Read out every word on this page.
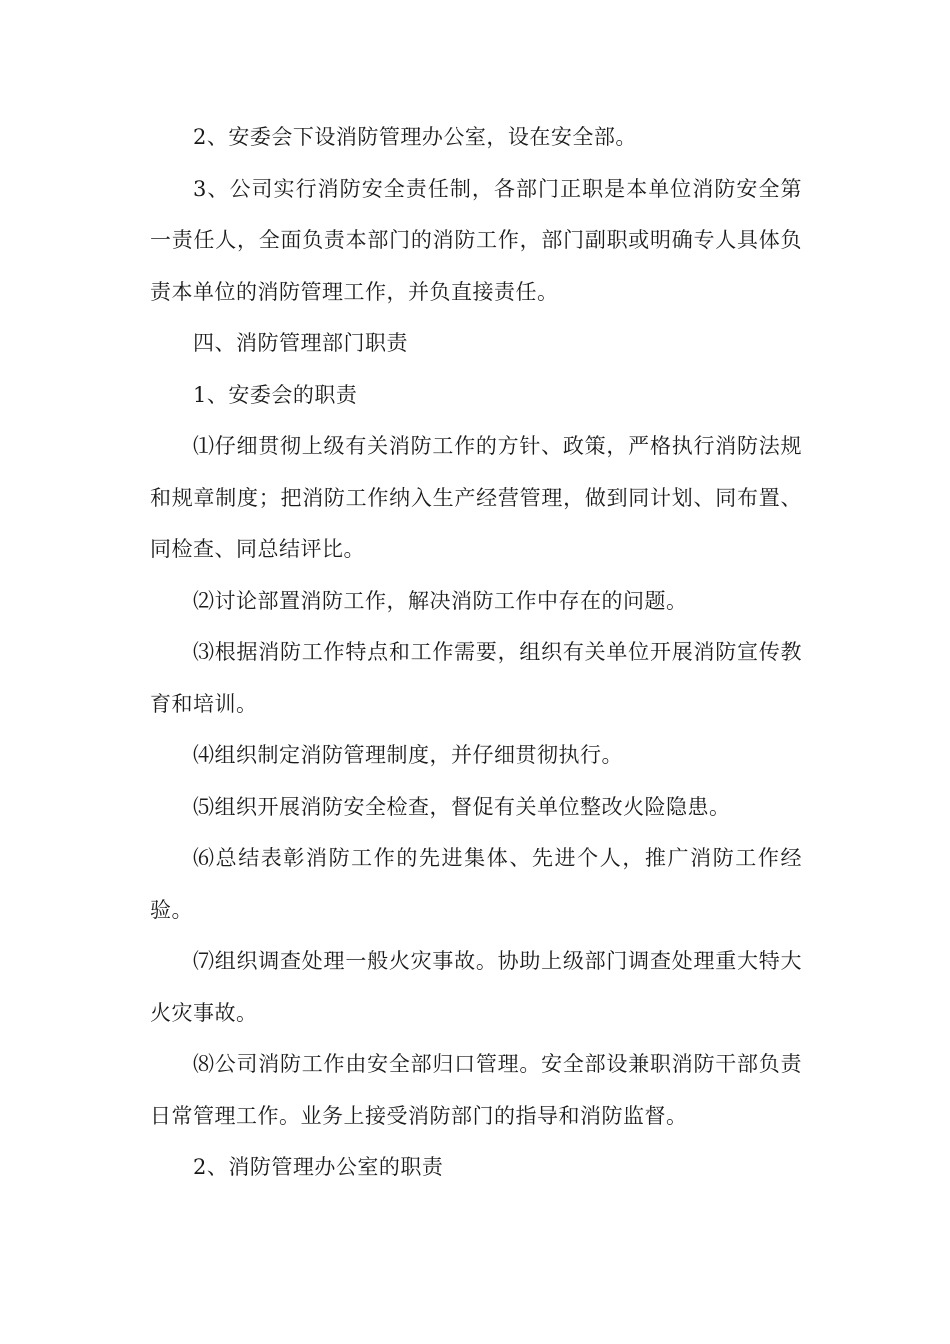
2、安委会下设消防管理办公室，设在安全部。

3、公司实行消防安全责任制，各部门正职是本单位消防安全第一责任人，全面负责本部门的消防工作，部门副职或明确专人具体负责本单位的消防管理工作，并负直接责任。

四、消防管理部门职责

1、安委会的职责

⑴仔细贯彻上级有关消防工作的方针、政策，严格执行消防法规和规章制度；把消防工作纳入生产经营管理，做到同计划、同布置、同检查、同总结评比。

⑵讨论部置消防工作，解决消防工作中存在的问题。

⑶根据消防工作特点和工作需要，组织有关单位开展消防宣传教育和培训。

⑷组织制定消防管理制度，并仔细贯彻执行。

⑸组织开展消防安全检查，督促有关单位整改火险隐患。

⑹总结表彰消防工作的先进集体、先进个人，推广消防工作经验。

⑺组织调查处理一般火灾事故。协助上级部门调查处理重大特大火灾事故。

⑻公司消防工作由安全部归口管理。安全部设兼职消防干部负责日常管理工作。业务上接受消防部门的指导和消防监督。

2、消防管理办公室的职责
